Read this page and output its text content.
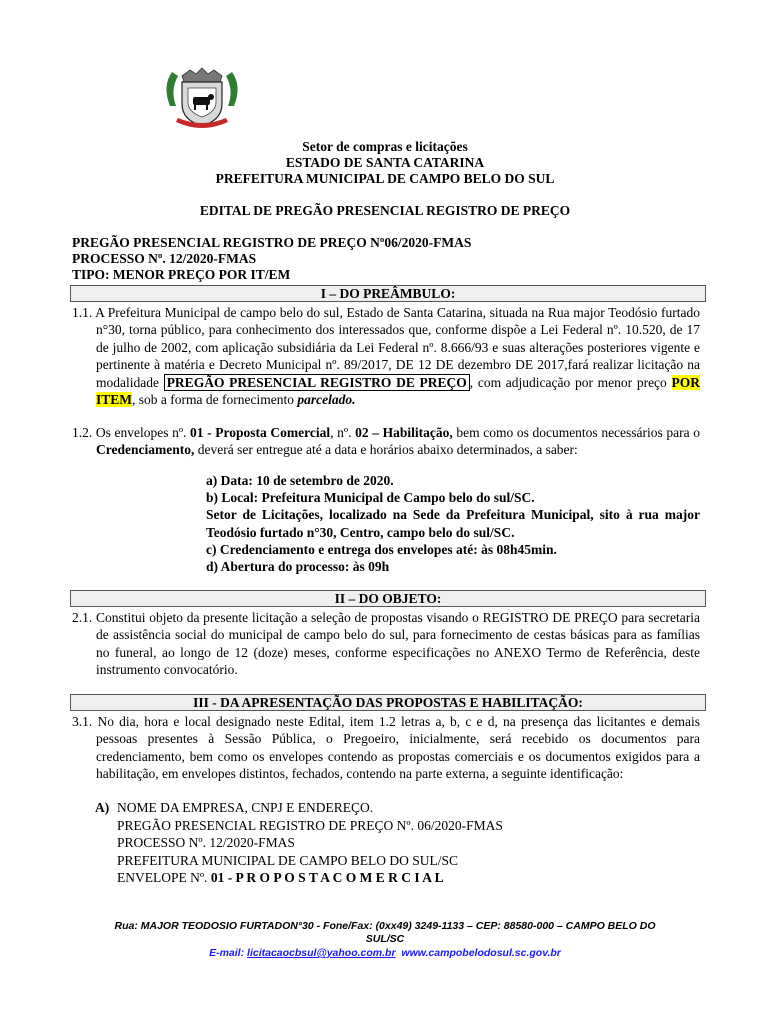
Setor de compras e licitações
ESTADO DE SANTA CATARINA
PREFEITURA MUNICIPAL DE CAMPO BELO DO SUL
EDITAL DE PREGÃO PRESENCIAL REGISTRO DE PREÇO
PREGÃO PRESENCIAL REGISTRO DE PREÇO Nº06/2020-FMAS
PROCESSO Nº. 12/2020-FMAS
TIPO: MENOR PREÇO POR IT/EM
I – DO PREÂMBULO:
1.1. A Prefeitura Municipal de campo belo do sul, Estado de Santa Catarina, situada na Rua major Teodósio furtado n°30, torna público, para conhecimento dos interessados que, conforme dispõe a Lei Federal nº. 10.520, de 17 de julho de 2002, com aplicação subsidiária da Lei Federal nº. 8.666/93 e suas alterações posteriores vigente e pertinente à matéria e Decreto Municipal nº. 89/2017, DE 12 DE dezembro DE 2017,fará realizar licitação na modalidade PREGÃO PRESENCIAL REGISTRO DE PREÇO , com adjudicação por menor preço POR ITEM, sob a forma de fornecimento parcelado.
1.2. Os envelopes nº. 01 - Proposta Comercial, nº. 02 – Habilitação, bem como os documentos necessários para o Credenciamento, deverá ser entregue até a data e horários abaixo determinados, a saber:
a) Data: 10 de setembro de 2020.
b) Local: Prefeitura Municipal de Campo belo do sul/SC.
Setor de Licitações, localizado na Sede da Prefeitura Municipal, sito à rua major Teodósio furtado n°30, Centro, campo belo do sul/SC.
c) Credenciamento e entrega dos envelopes até: às 08h45min.
d) Abertura do processo: às 09h
II – DO OBJETO:
2.1. Constitui objeto da presente licitação a seleção de propostas visando o REGISTRO DE PREÇO para secretaria de assistência social do municipal de campo belo do sul, para fornecimento de cestas básicas para as famílias no funeral, ao longo de 12 (doze) meses, conforme especificações no ANEXO Termo de Referência, deste instrumento convocatório.
III - DA APRESENTAÇÃO DAS PROPOSTAS E HABILITAÇÃO:
3.1. No dia, hora e local designado neste Edital, item 1.2 letras a, b, c e d, na presença das licitantes e demais pessoas presentes à Sessão Pública, o Pregoeiro, inicialmente, será recebido os documentos para credenciamento, bem como os envelopes contendo as propostas comerciais e os documentos exigidos para a habilitação, em envelopes distintos, fechados, contendo na parte externa, a seguinte identificação:
A) NOME DA EMPRESA, CNPJ E ENDEREÇO.
PREGÃO PRESENCIAL REGISTRO DE PREÇO Nº. 06/2020-FMAS
PROCESSO Nº. 12/2020-FMAS
PREFEITURA MUNICIPAL DE CAMPO BELO DO SUL/SC
ENVELOPE Nº. 01 - P R O P O S T A C O M E R C I A L
Rua: MAJOR TEODOSIO FURTADON°30 - Fone/Fax: (0xx49) 3249-1133 – CEP: 88580-000 – CAMPO BELO DO
SUL/SC
E-mail: licitacaocbsul@yahoo.com.br www.campobelodosul.sc.gov.br
